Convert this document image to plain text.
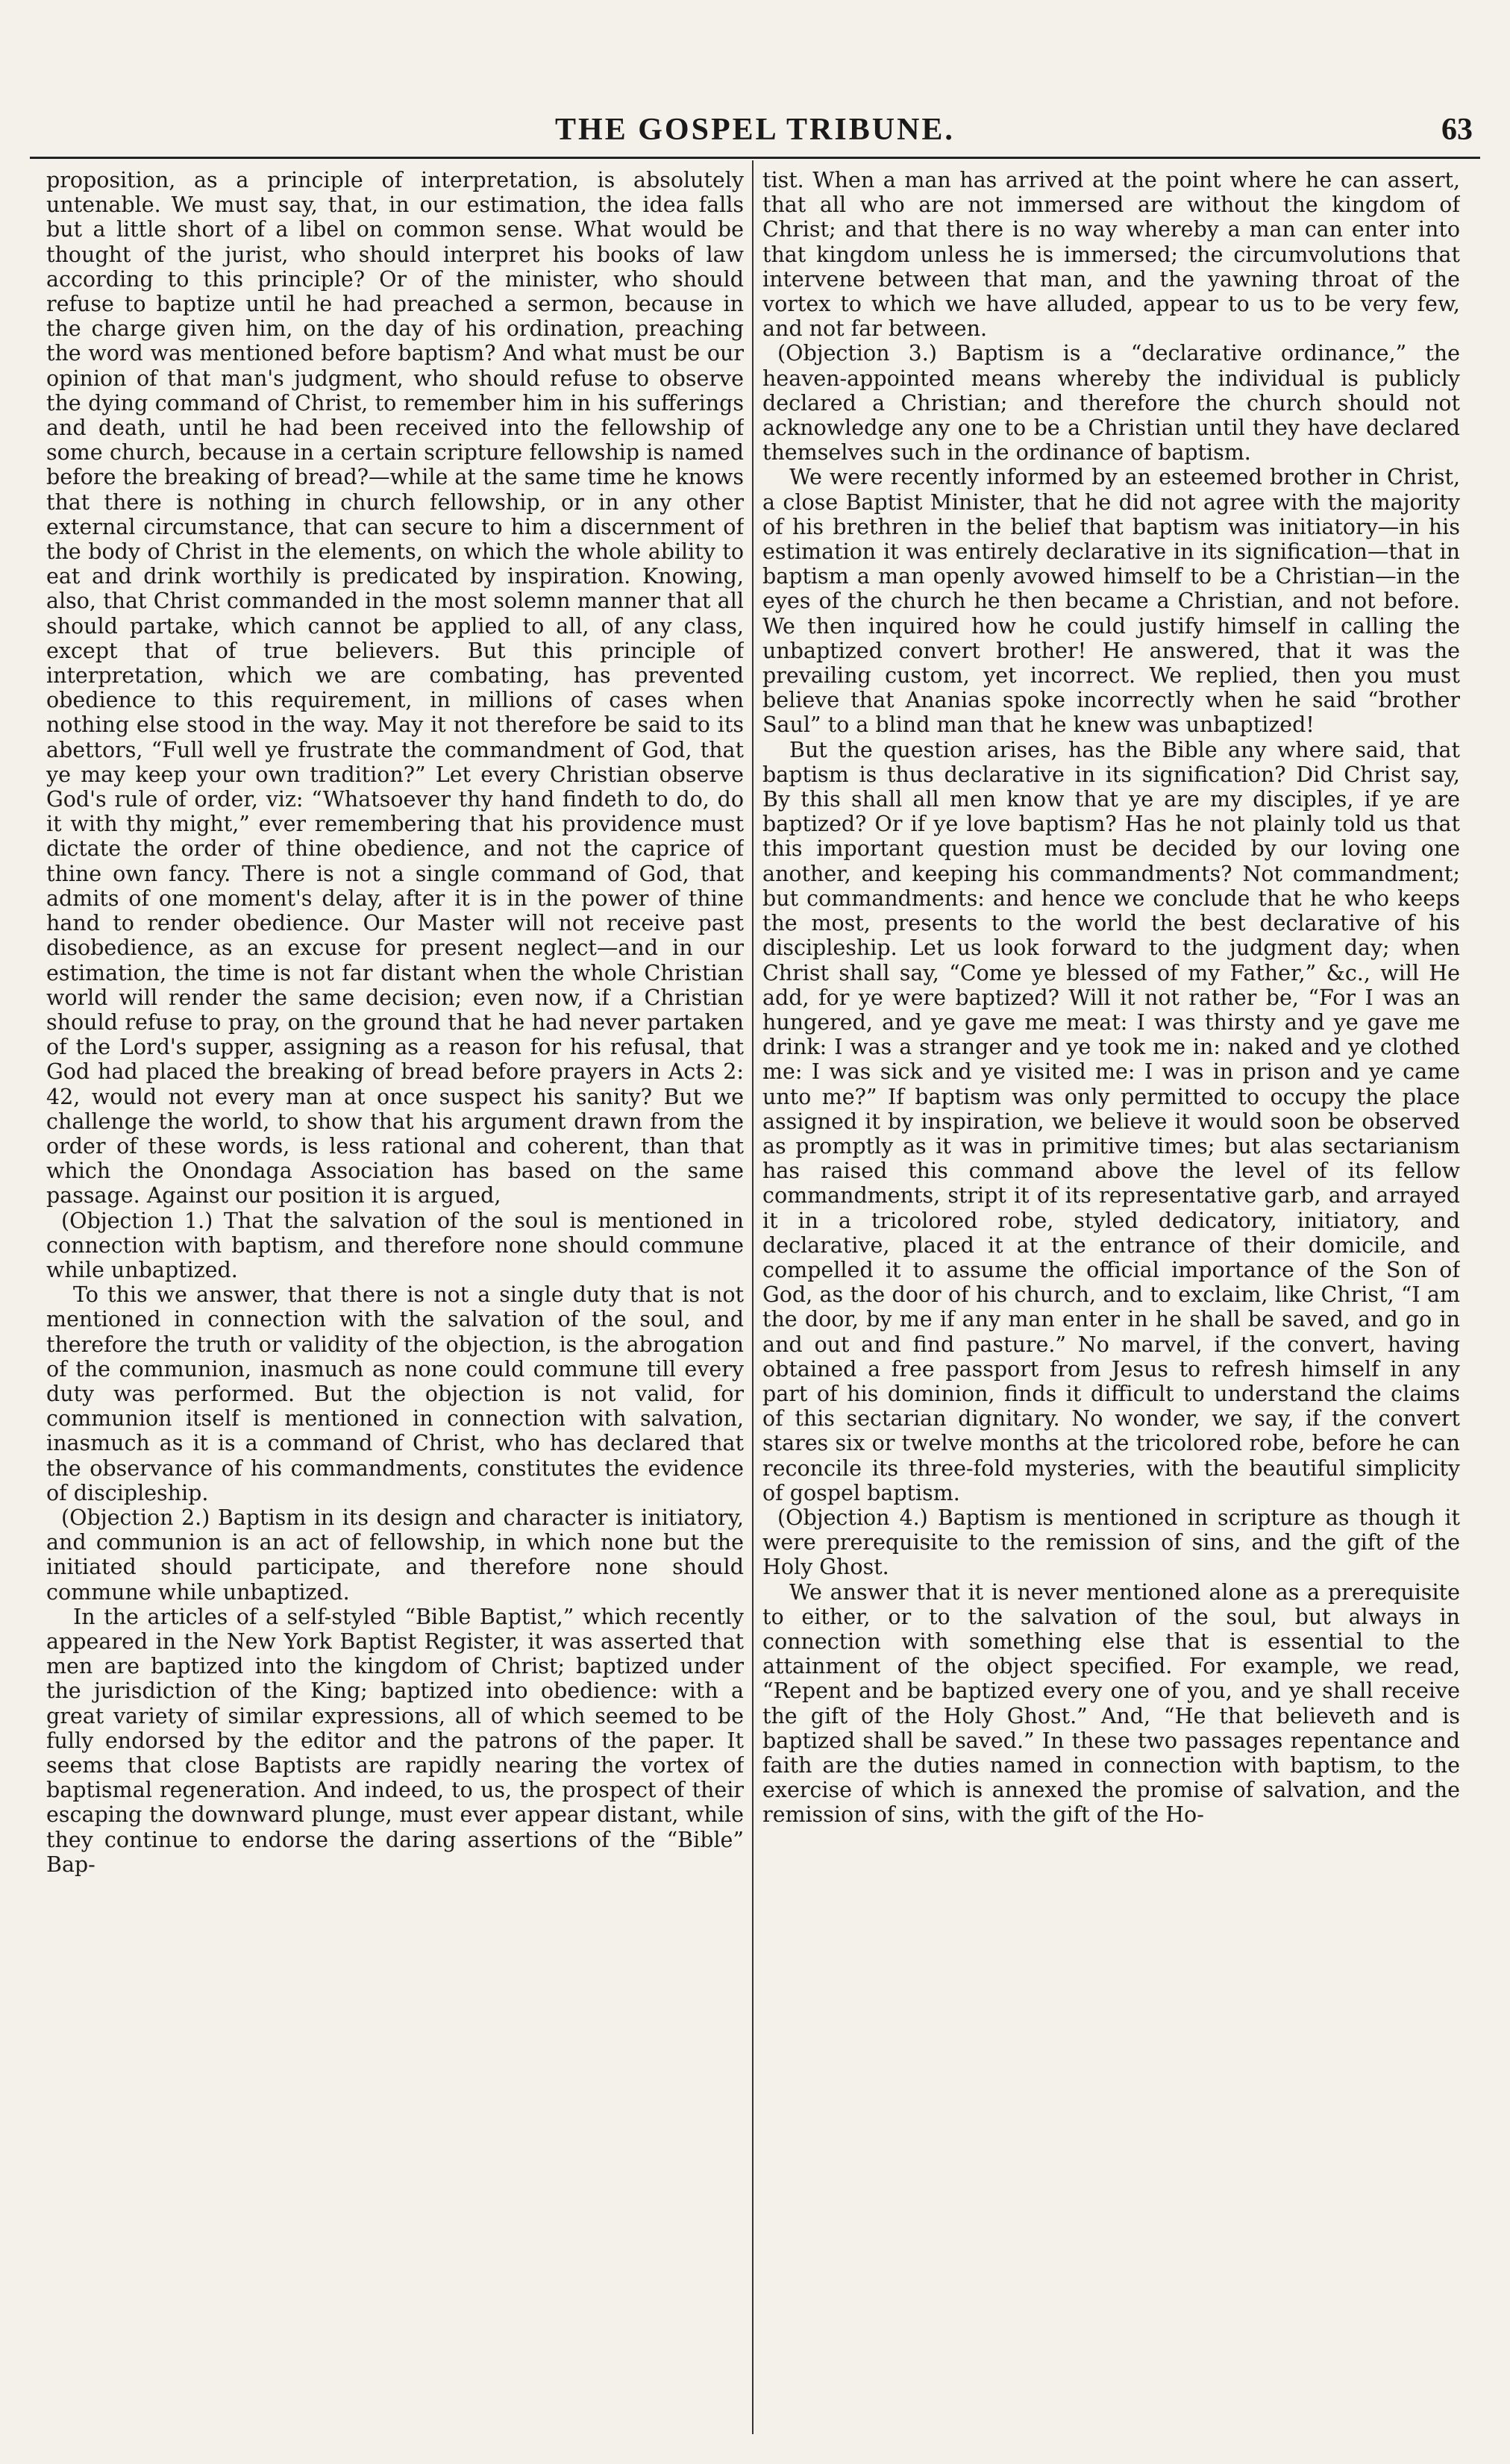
THE GOSPEL TRIBUNE.	63

proposition, as a principle of interpretation, is absolutely untenable. We must say, that, in our estimation, the idea falls but a little short of a libel on common sense. What would be thought of the jurist, who should interpret his books of law according to this principle? Or of the minister, who should refuse to baptize until he had preached a sermon, because in the charge given him, on the day of his ordination, preaching the word was mentioned before baptism? And what must be our opinion of that man's judgment, who should refuse to observe the dying command of Christ, to remember him in his sufferings and death, until he had been received into the fellowship of some church, because in a certain scripture fellowship is named before the breaking of bread?—while at the same time he knows that there is nothing in church fellowship, or in any other external circumstance, that can secure to him a discernment of the body of Christ in the elements, on which the whole ability to eat and drink worthily is predicated by inspiration. Knowing, also, that Christ commanded in the most solemn manner that all should partake, which cannot be applied to all, of any class, except that of true believers. But this principle of interpretation, which we are combating, has prevented obedience to this requirement, in millions of cases when nothing else stood in the way. May it not therefore be said to its abettors, “Full well ye frustrate the commandment of God, that ye may keep your own tradition?” Let every Christian observe God's rule of order, viz: “Whatsoever thy hand findeth to do, do it with thy might,” ever remembering that his providence must dictate the order of thine obedience, and not the caprice of thine own fancy. There is not a single command of God, that admits of one moment's delay, after it is in the power of thine hand to render obedience. Our Master will not receive past disobedience, as an excuse for present neglect—and in our estimation, the time is not far distant when the whole Christian world will render the same decision; even now, if a Christian should refuse to pray, on the ground that he had never partaken of the Lord's supper, assigning as a reason for his refusal, that God had placed the breaking of bread before prayers in Acts 2: 42, would not every man at once suspect his sanity? But we challenge the world, to show that his argument drawn from the order of these words, is less rational and coherent, than that which the Onondaga Association has based on the same passage. Against our position it is argued,

(Objection 1.) That the salvation of the soul is mentioned in connection with baptism, and therefore none should commune while unbaptized.

To this we answer, that there is not a single duty that is not mentioned in connection with the salvation of the soul, and therefore the truth or validity of the objection, is the abrogation of the communion, inasmuch as none could commune till every duty was performed. But the objection is not valid, for communion itself is mentioned in connection with salvation, inasmuch as it is a command of Christ, who has declared that the observance of his commandments, constitutes the evidence of discipleship.

(Objection 2.) Baptism in its design and character is initiatory, and communion is an act of fellowship, in which none but the initiated should participate, and therefore none should commune while unbaptized.

In the articles of a self-styled “Bible Baptist,” which recently appeared in the New York Baptist Register, it was asserted that men are baptized into the kingdom of Christ; baptized under the jurisdiction of the King; baptized into obedience: with a great variety of similar expressions, all of which seemed to be fully endorsed by the editor and the patrons of the paper. It seems that close Baptists are rapidly nearing the vortex of baptismal regeneration. And indeed, to us, the prospect of their escaping the downward plunge, must ever appear distant, while they continue to endorse the daring assertions of the “Bible” Bap-

tist. When a man has arrived at the point where he can assert, that all who are not immersed are without the kingdom of Christ; and that there is no way whereby a man can enter into that kingdom unless he is immersed; the circumvolutions that intervene between that man, and the yawning throat of the vortex to which we have alluded, appear to us to be very few, and not far between.

(Objection 3.) Baptism is a “declarative ordinance,” the heaven-appointed means whereby the individual is publicly declared a Christian; and therefore the church should not acknowledge any one to be a Christian until they have declared themselves such in the ordinance of baptism.

We were recently informed by an esteemed brother in Christ, a close Baptist Minister, that he did not agree with the majority of his brethren in the belief that baptism was initiatory—in his estimation it was entirely declarative in its signification—that in baptism a man openly avowed himself to be a Christian—in the eyes of the church he then became a Christian, and not before. We then inquired how he could justify himself in calling the unbaptized convert brother! He answered, that it was the prevailing custom, yet incorrect. We replied, then you must believe that Ananias spoke incorrectly when he said “brother Saul” to a blind man that he knew was unbaptized!

But the question arises, has the Bible any where said, that baptism is thus declarative in its signification? Did Christ say, By this shall all men know that ye are my disciples, if ye are baptized? Or if ye love baptism? Has he not plainly told us that this important question must be decided by our loving one another, and keeping his commandments? Not commandment; but commandments: and hence we conclude that he who keeps the most, presents to the world the best declarative of his discipleship. Let us look forward to the judgment day; when Christ shall say, “Come ye blessed of my Father,” &c., will He add, for ye were baptized? Will it not rather be, “For I was an hungered, and ye gave me meat: I was thirsty and ye gave me drink: I was a stranger and ye took me in: naked and ye clothed me: I was sick and ye visited me: I was in prison and ye came unto me?” If baptism was only permitted to occupy the place assigned it by inspiration, we believe it would soon be observed as promptly as it was in primitive times; but alas sectarianism has raised this command above the level of its fellow commandments, stript it of its representative garb, and arrayed it in a tricolored robe, styled dedicatory, initiatory, and declarative, placed it at the entrance of their domicile, and compelled it to assume the official importance of the Son of God, as the door of his church, and to exclaim, like Christ, “I am the door, by me if any man enter in he shall be saved, and go in and out and find pasture.” No marvel, if the convert, having obtained a free passport from Jesus to refresh himself in any part of his dominion, finds it difficult to understand the claims of this sectarian dignitary. No wonder, we say, if the convert stares six or twelve months at the tricolored robe, before he can reconcile its three-fold mysteries, with the beautiful simplicity of gospel baptism.

(Objection 4.) Baptism is mentioned in scripture as though it were prerequisite to the remission of sins, and the gift of the Holy Ghost.

We answer that it is never mentioned alone as a prerequisite to either, or to the salvation of the soul, but always in connection with something else that is essential to the attainment of the object specified. For example, we read, “Repent and be baptized every one of you, and ye shall receive the gift of the Holy Ghost.” And, “He that believeth and is baptized shall be saved.” In these two passages repentance and faith are the duties named in connection with baptism, to the exercise of which is annexed the promise of salvation, and the remission of sins, with the gift of the Ho-
